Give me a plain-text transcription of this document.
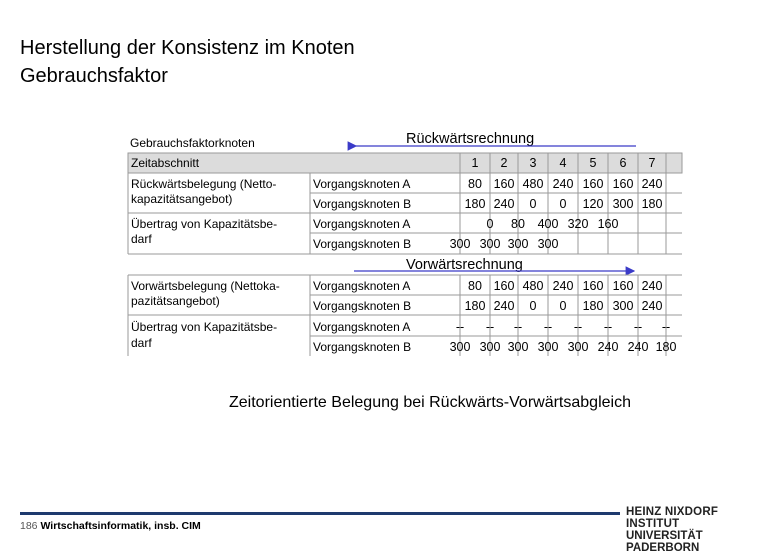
Herstellung der Konsistenz im Knoten
Gebrauchsfaktor
Gebrauchsfaktorknoten	Rückwärtsrechnung
Zeitabschnitt	1 2 3 4 5 6 7
Rückwärtsbelegung (Netto-
kapazitätsangebot)
Übertrag von Kapazitätsbe-
darf
Vorgangsknoten A
Vorgangsknoten B
Vorgangsknoten A
Vorgangsknoten B
80 160 480 240 160 160 240
180 240 0 0 120 300 180
0 80 400 320 160
300 300 300 300
Vorwärtsrechnung
Vorwärtsbelegung (Nettoka-
pazitätsangebot)
Übertrag von Kapazitätsbe-
darf
Vorgangsknoten A
Vorgangsknoten B
Vorgangsknoten A
Vorgangsknoten B
80 160 480 240 160 160 240
180 240 0 0 180 300 240
-- -- -- -- -- -- -- --
300 300 300 300 300 240 240 180
Zeitorientierte Belegung bei Rückwärts-Vorwärtsabgleich
186 Wirtschaftsinformatik, insb. CIM
HEINZ NIXDORF INSTITUT
UNIVERSITÄT PADERBORN
